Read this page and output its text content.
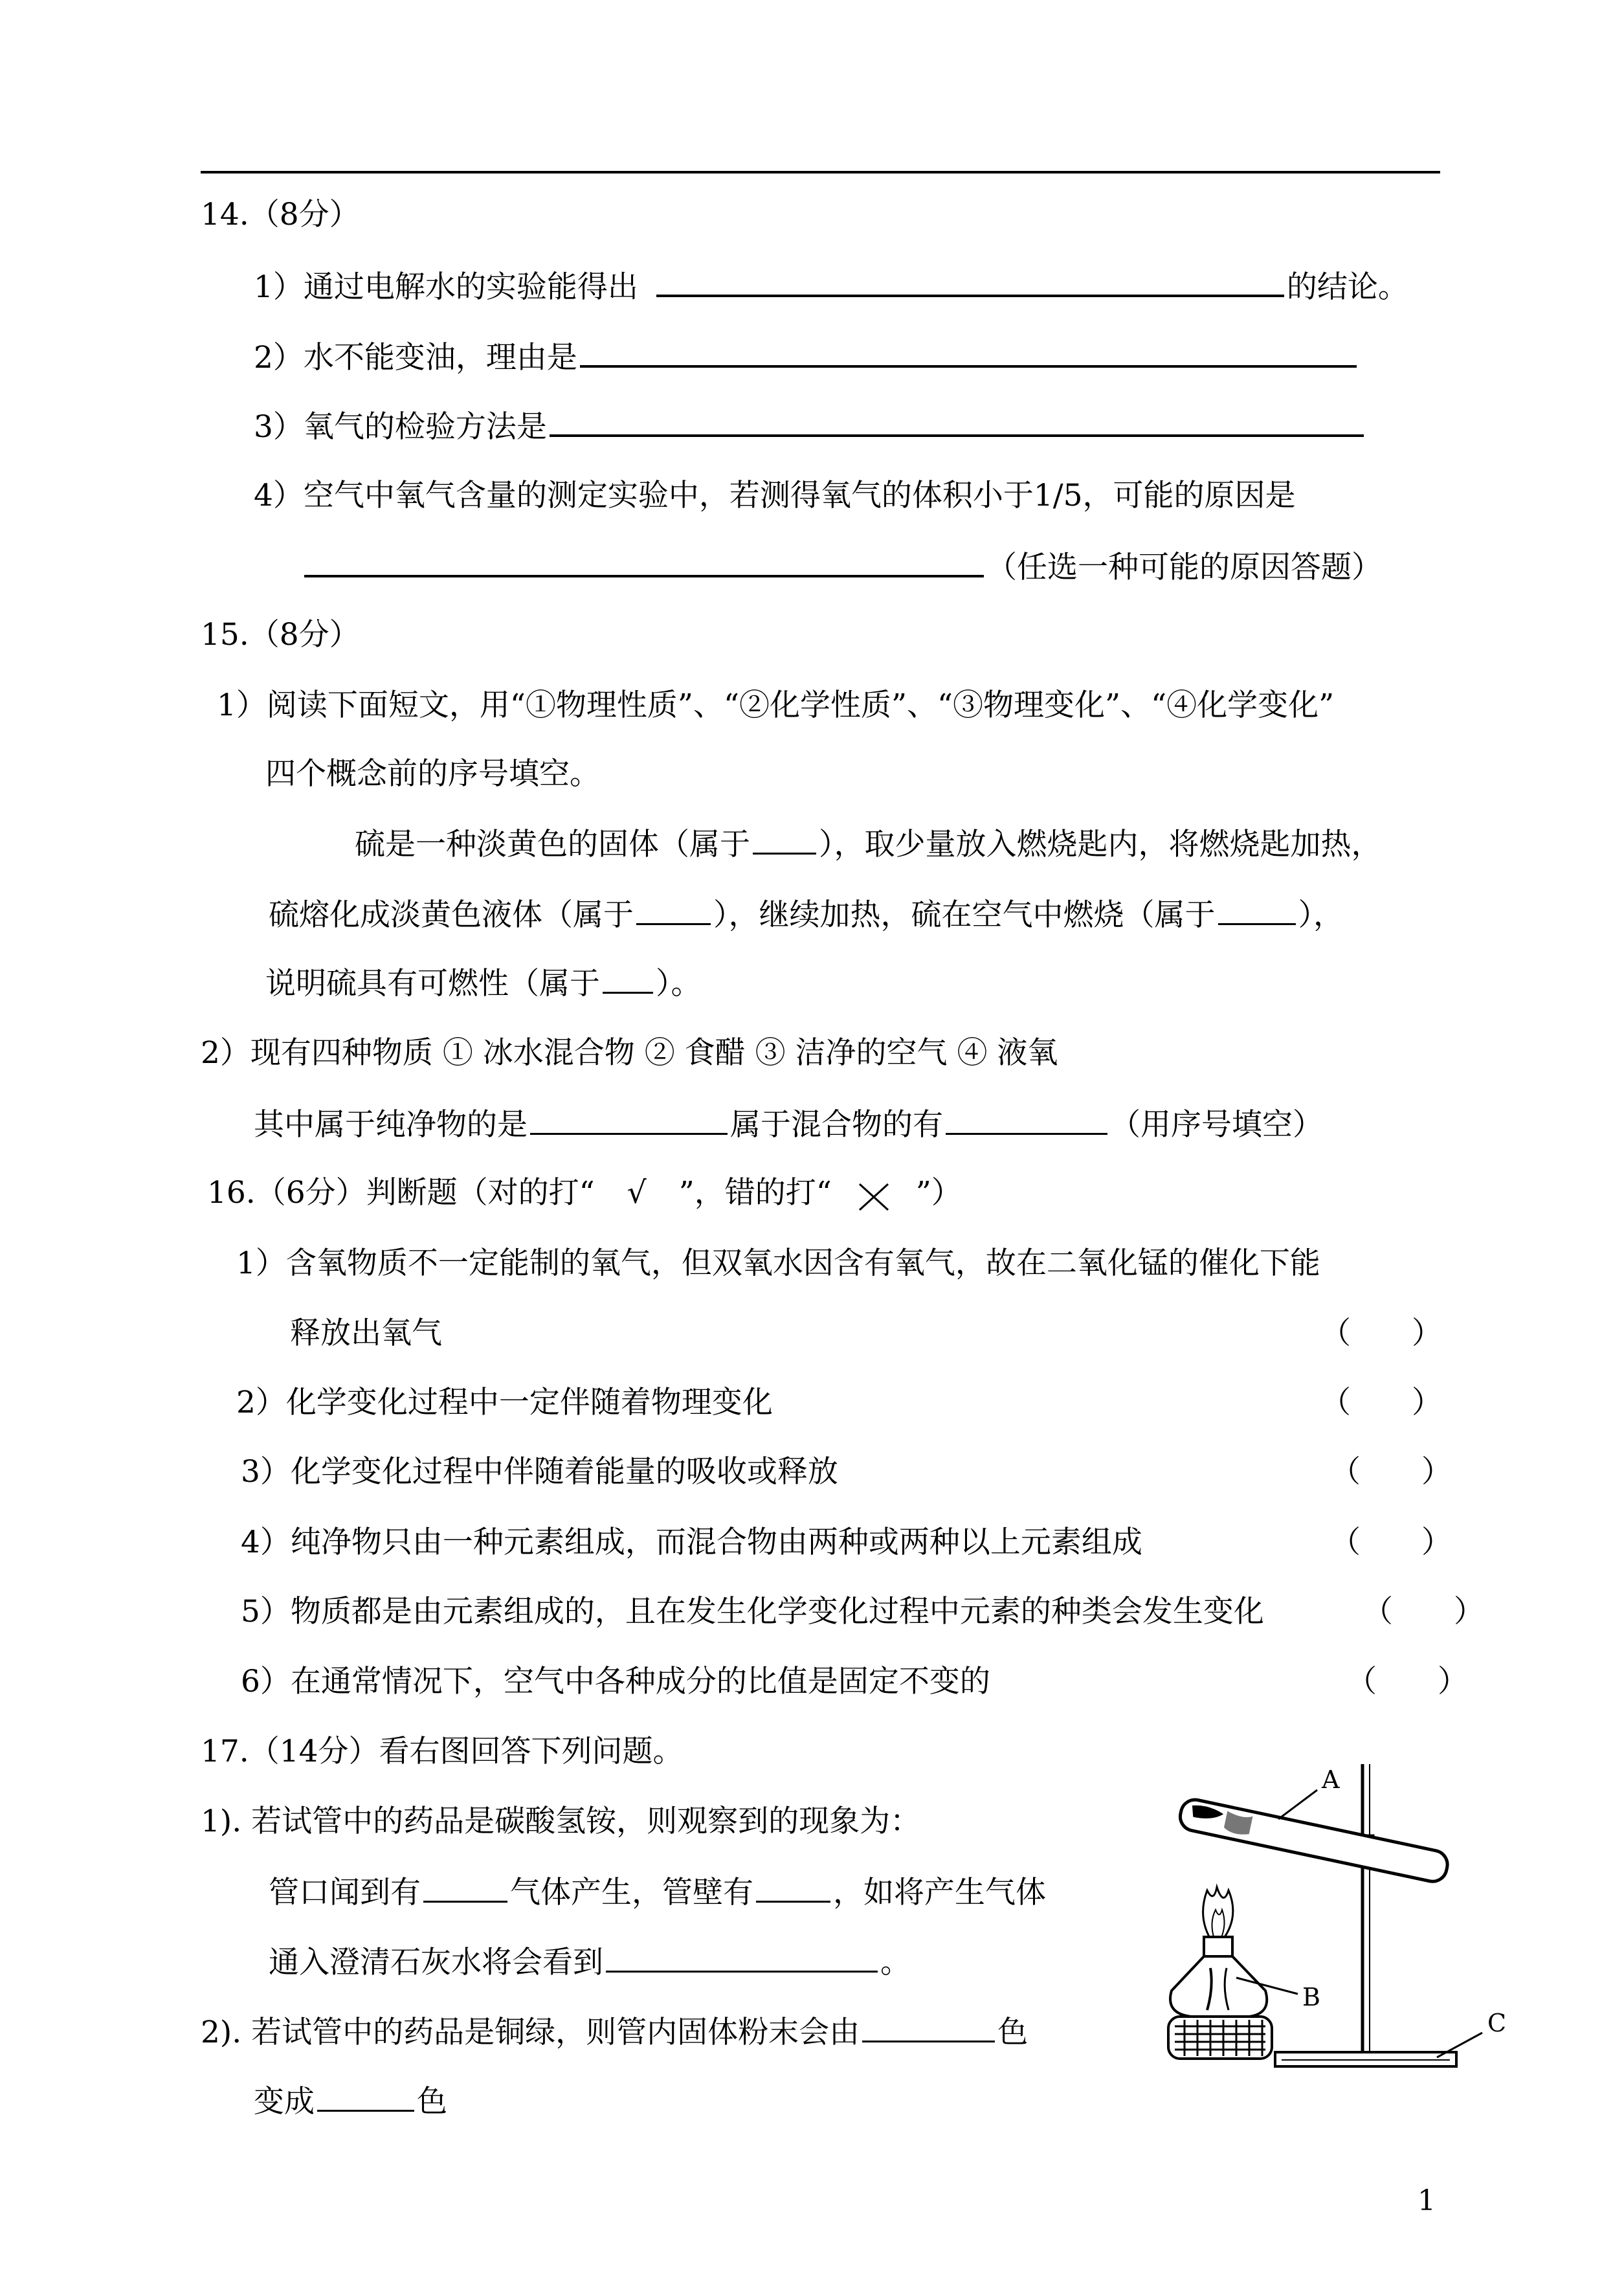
14.（8分）
1）通过电解水的实验能得出	的结论。
2）水不能变油，理由是
3）氧气的检验方法是
4）空气中氧气含量的测定实验中，若测得氧气的体积小于1/5，可能的原因是
（任选一种可能的原因答题）
15.（8分）
1）阅读下面短文，用“①物理性质”、“②化学性质”、“③物理变化”、“④化学变化”
四个概念前的序号填空。
硫是一种淡黄色的固体（属于 ），取少量放入燃烧匙内，将燃烧匙加热，
硫熔化成淡黄色液体（属于	），继续加热，硫在空气中燃烧（属于	），
说明硫具有可燃性（属于 ）。
2）现有四种物质 ① 冰水混合物 ② 食醋 ③ 洁净的空气 ④ 液氧
其中属于纯净物的是	属于混合物的有	（用序号填空）
16.（6分）判断题（对的打“ √ ”，错的打“	”）
1）含氧物质不一定能制的氧气，但双氧水因含有氧气，故在二氧化锰的催化下能
释放出氧气	（　　）
2）化学变化过程中一定伴随着物理变化	（　　）
3）化学变化过程中伴随着能量的吸收或释放	（　　）
4）纯净物只由一种元素组成，而混合物由两种或两种以上元素组成	（　　）
5）物质都是由元素组成的，且在发生化学变化过程中元素的种类会发生变化	（　　）
6）在通常情况下，空气中各种成分的比值是固定不变的	（　　）
17.（14分）看右图回答下列问题。
1). 若试管中的药品是碳酸氢铵，则观察到的现象为：
管口闻到有	气体产生，管壁有	，如将产生气体
通入澄清石灰水将会看到	。
2). 若试管中的药品是铜绿，则管内固体粉末会由	色
变成	色
A
B
C
1
